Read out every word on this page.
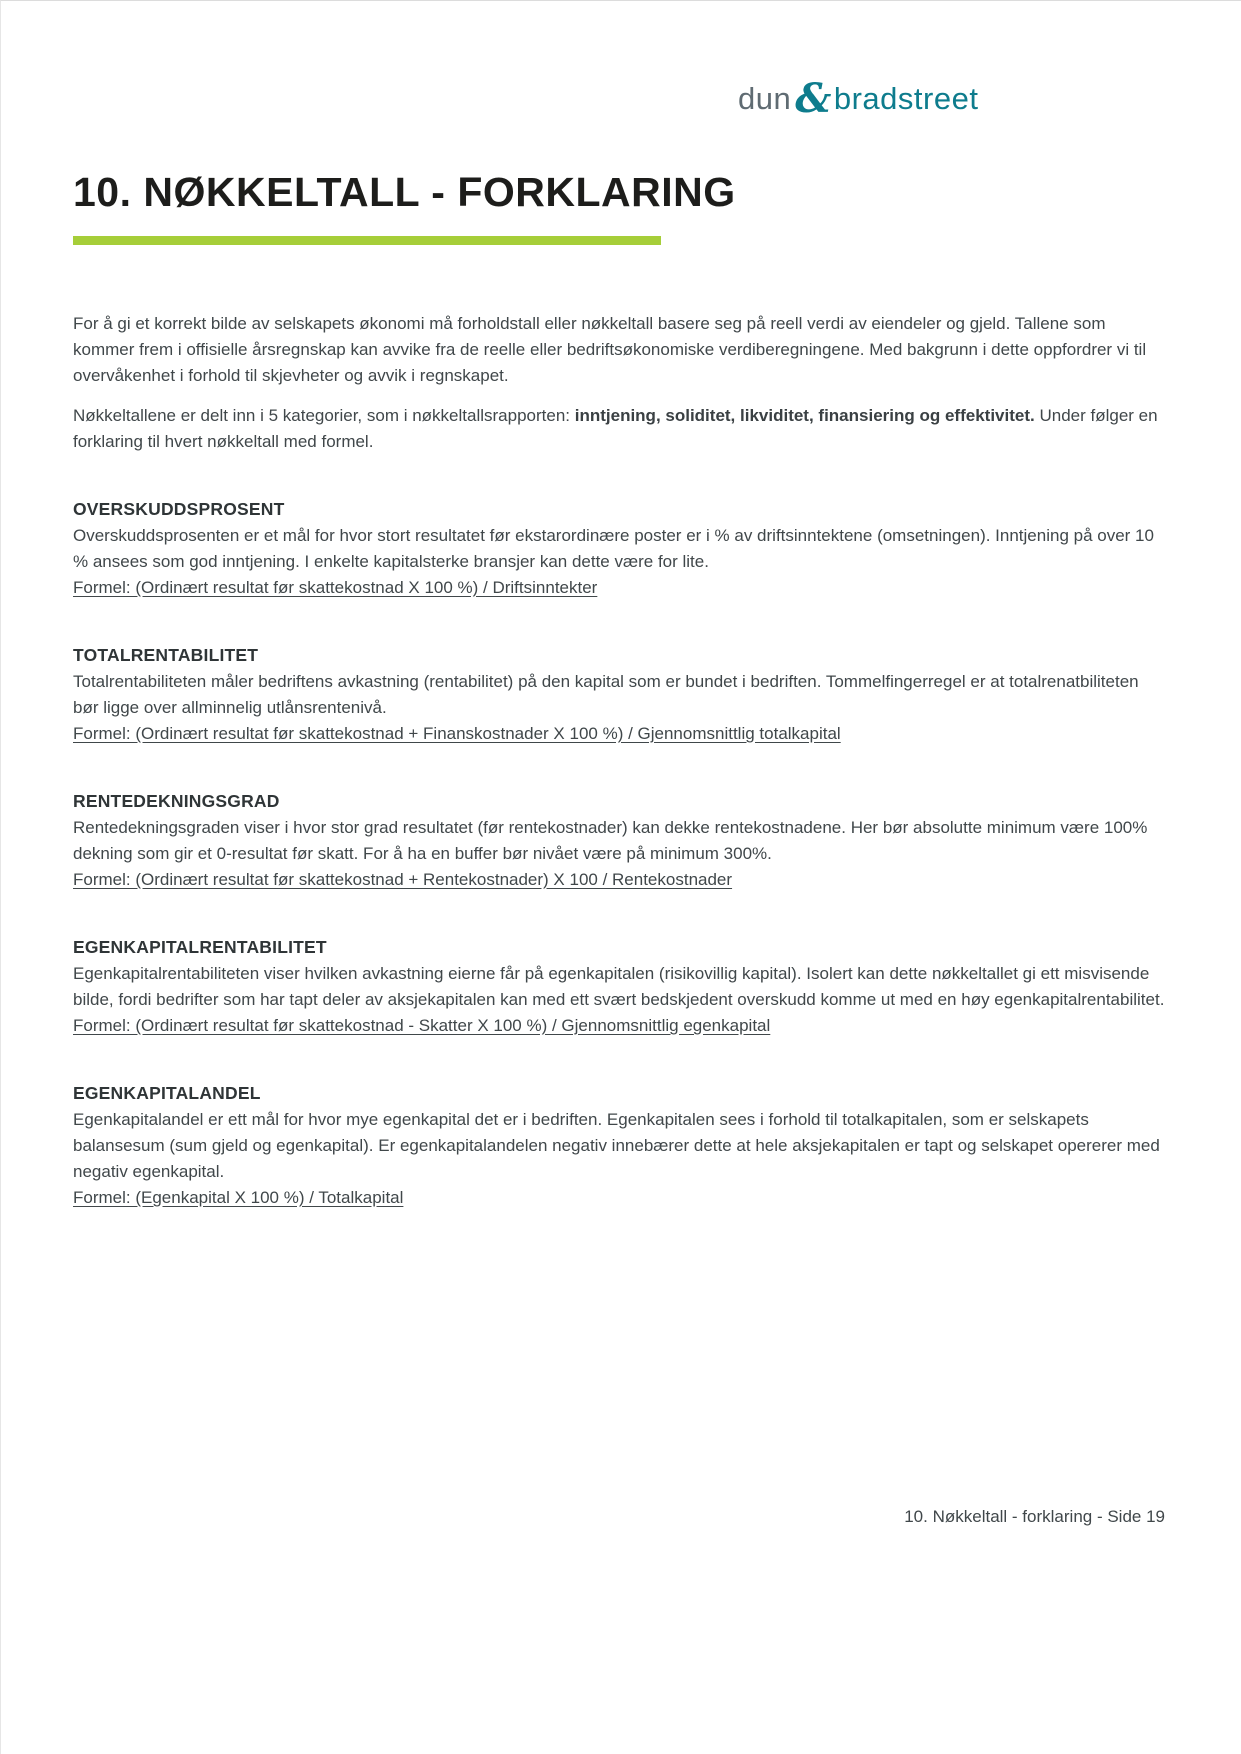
dun &bradstreet
10. NØKKELTALL - FORKLARING

For å gi et korrekt bilde av selskapets økonomi må forholdstall eller nøkkeltall basere seg på reell verdi av eiendeler og gjeld. Tallene som kommer frem i offisielle årsregnskap kan avvike fra de reelle eller bedriftsøkonomiske verdiberegningene. Med bakgrunn i dette oppfordrer vi til overvåkenhet i forhold til skjevheter og avvik i regnskapet.

Nøkkeltallene er delt inn i 5 kategorier, som i nøkkeltallsrapporten: inntjening, soliditet, likviditet, finansiering og effektivitet. Under følger en forklaring til hvert nøkkeltall med formel.

OVERSKUDDSPROSENT

Overskuddsprosenten er et mål for hvor stort resultatet før ekstarordinære poster er i % av driftsinntektene (omsetningen). Inntjening på over 10 % ansees som god inntjening. I enkelte kapitalsterke bransjer kan dette være for lite.

Formel: (Ordinært resultat før skattekostnad X 100 %) / Driftsinntekter

TOTALRENTABILITET

Totalrentabiliteten måler bedriftens avkastning (rentabilitet) på den kapital som er bundet i bedriften. Tommelfingerregel er at totalrenatbiliteten bør ligge over allminnelig utlånsrentenivå.

Formel: (Ordinært resultat før skattekostnad + Finanskostnader X 100 %) / Gjennomsnittlig totalkapital

RENTEDEKNINGSGRAD

Rentedekningsgraden viser i hvor stor grad resultatet (før rentekostnader) kan dekke rentekostnadene. Her bør absolutte minimum være 100% dekning som gir et 0-resultat før skatt. For å ha en buffer bør nivået være på minimum 300%.

Formel: (Ordinært resultat før skattekostnad + Rentekostnader) X 100 / Rentekostnader

EGENKAPITALRENTABILITET

Egenkapitalrentabiliteten viser hvilken avkastning eierne får på egenkapitalen (risikovillig kapital). Isolert kan dette nøkkeltallet gi ett misvisende bilde, fordi bedrifter som har tapt deler av aksjekapitalen kan med ett svært bedskjedent overskudd komme ut med en høy egenkapitalrentabilitet.

Formel: (Ordinært resultat før skattekostnad - Skatter X 100 %) / Gjennomsnittlig egenkapital

EGENKAPITALANDEL

Egenkapitalandel er ett mål for hvor mye egenkapital det er i bedriften. Egenkapitalen sees i forhold til totalkapitalen, som er selskapets balansesum (sum gjeld og egenkapital). Er egenkapitalandelen negativ innebærer dette at hele aksjekapitalen er tapt og selskapet opererer med negativ egenkapital.

Formel: (Egenkapital X 100 %) / Totalkapital

10. Nøkkeltall - forklaring - Side 19
